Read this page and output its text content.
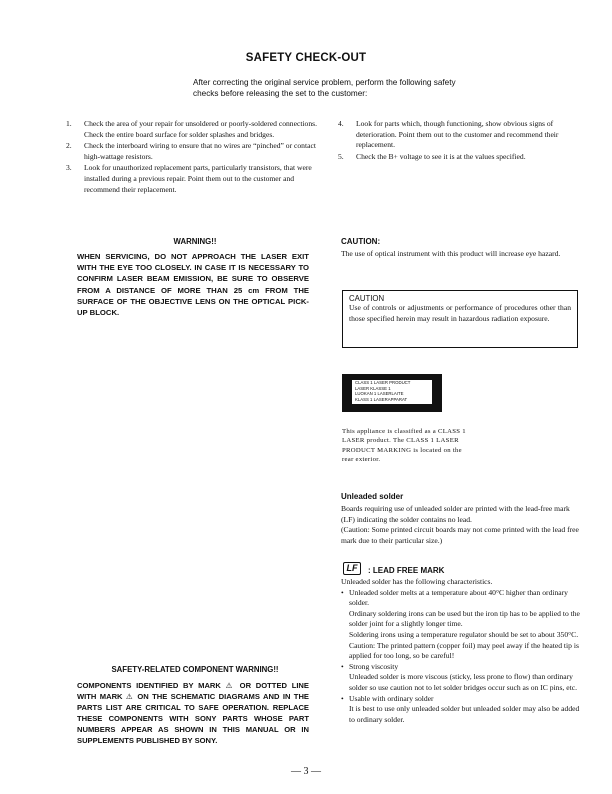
SAFETY CHECK-OUT
After correcting the original service problem, perform the following safety checks before releasing the set to the customer:
1. Check the area of your repair for unsoldered or poorly-soldered connections. Check the entire board surface for solder splashes and bridges.
2. Check the interboard wiring to ensure that no wires are “pinched” or contact high-wattage resistors.
3. Look for unauthorized replacement parts, particularly transistors, that were installed during a previous repair. Point them out to the customer and recommend their replacement.
4. Look for parts which, though functioning, show obvious signs of deterioration. Point them out to the customer and recommend their replacement.
5. Check the B+ voltage to see it is at the values specified.
WARNING!!
WHEN SERVICING, DO NOT APPROACH THE LASER EXIT WITH THE EYE TOO CLOSELY. IN CASE IT IS NECESSARY TO CONFIRM LASER BEAM EMISSION, BE SURE TO OBSERVE FROM A DISTANCE OF MORE THAN 25 cm FROM THE SURFACE OF THE OBJECTIVE LENS ON THE OPTICAL PICK-UP BLOCK.
CAUTION:
The use of optical instrument with this product will increase eye hazard.
CAUTION
Use of controls or adjustments or performance of procedures other than those specified herein may result in hazardous radiation exposure.
CLASS 1 LASER PRODUCT
LASER KLASSE 1
LUOKAN 1 LASERLAITE
KLASS 1 LASERAPPARAT
This appliance is classified as a CLASS 1 LASER product. The CLASS 1 LASER PRODUCT MARKING is located on the rear exterior.
Unleaded solder
Boards requiring use of unleaded solder are printed with the lead-free mark (LF) indicating the solder contains no lead.
(Caution: Some printed circuit boards may not come printed with the lead free mark due to their particular size.)
LF	: LEAD FREE MARK
Unleaded solder has the following characteristics.
• Unleaded solder melts at a temperature about 40°C higher than ordinary solder.
Ordinary soldering irons can be used but the iron tip has to be applied to the solder joint for a slightly longer time.
Soldering irons using a temperature regulator should be set to about 350°C.
Caution: The printed pattern (copper foil) may peel away if the heated tip is applied for too long, so be careful!
• Strong viscosity
Unleaded solder is more viscous (sticky, less prone to flow) than ordinary solder so use caution not to let solder bridges occur such as on IC pins, etc.
• Usable with ordinary solder
It is best to use only unleaded solder but unleaded solder may also be added to ordinary solder.
SAFETY-RELATED COMPONENT WARNING!!
COMPONENTS IDENTIFIED BY MARK ⚠ OR DOTTED LINE WITH MARK ⚠ ON THE SCHEMATIC DIAGRAMS AND IN THE PARTS LIST ARE CRITICAL TO SAFE OPERATION. REPLACE THESE COMPONENTS WITH SONY PARTS WHOSE PART NUMBERS APPEAR AS SHOWN IN THIS MANUAL OR IN SUPPLEMENTS PUBLISHED BY SONY.
— 3 —
